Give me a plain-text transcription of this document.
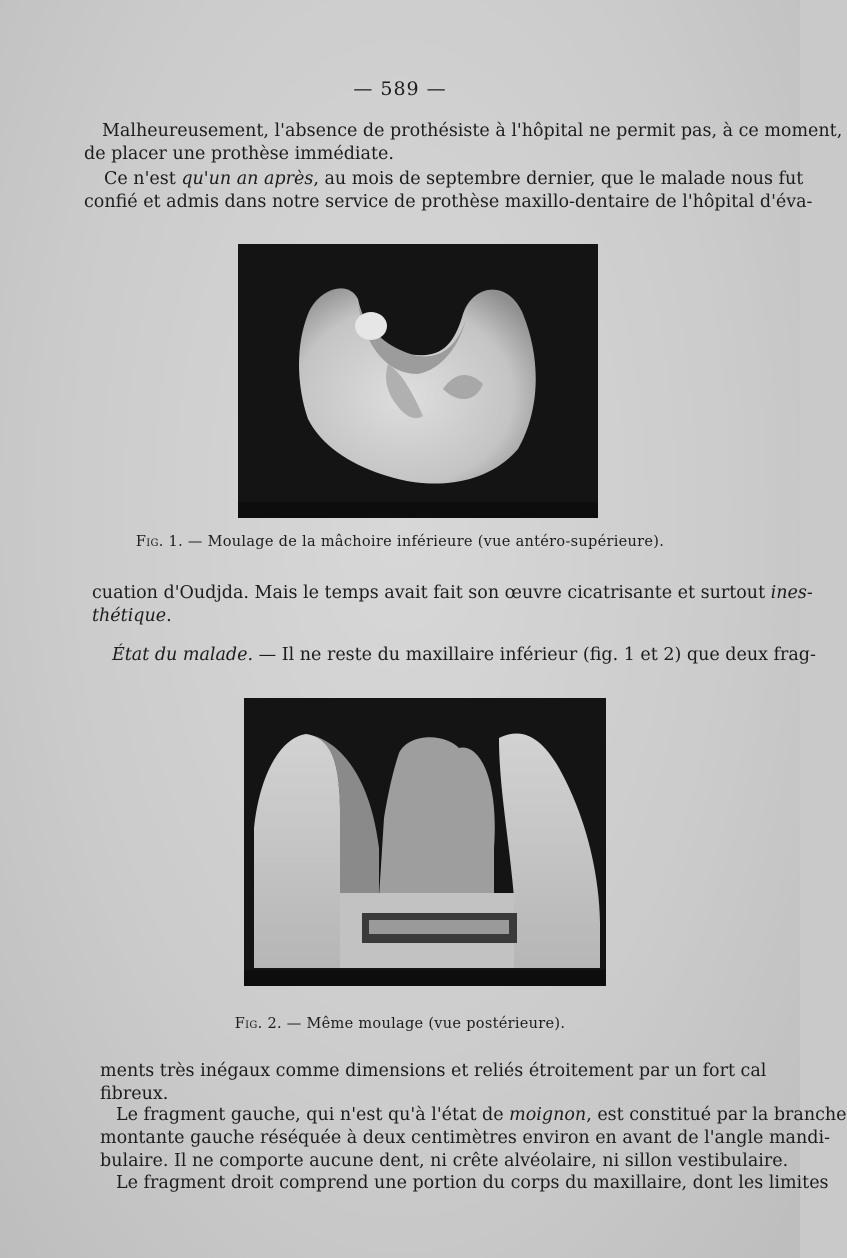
— 589 —

Malheureusement, l'absence de prothésiste à l'hôpital ne permit pas, à ce moment,
de placer une prothèse immédiate.

Ce n'est qu'un an après, au mois de septembre dernier, que le malade nous fut
confié et admis dans notre service de prothèse maxillo-dentaire de l'hôpital d'éva-

Fig. 1. — Moulage de la mâchoire inférieure (vue antéro-supérieure).

cuation d'Oudjda. Mais le temps avait fait son œuvre cicatrisante et surtout ines-
thétique.

État du malade. — Il ne reste du maxillaire inférieur (fig. 1 et 2) que deux frag-

Fig. 2. — Même moulage (vue postérieure).

ments très inégaux comme dimensions et reliés étroitement par un fort cal
fibreux.

Le fragment gauche, qui n'est qu'à l'état de moignon, est constitué par la branche
montante gauche réséquée à deux centimètres environ en avant de l'angle mandi-
bulaire. Il ne comporte aucune dent, ni crête alvéolaire, ni sillon vestibulaire.

Le fragment droit comprend une portion du corps du maxillaire, dont les limites
